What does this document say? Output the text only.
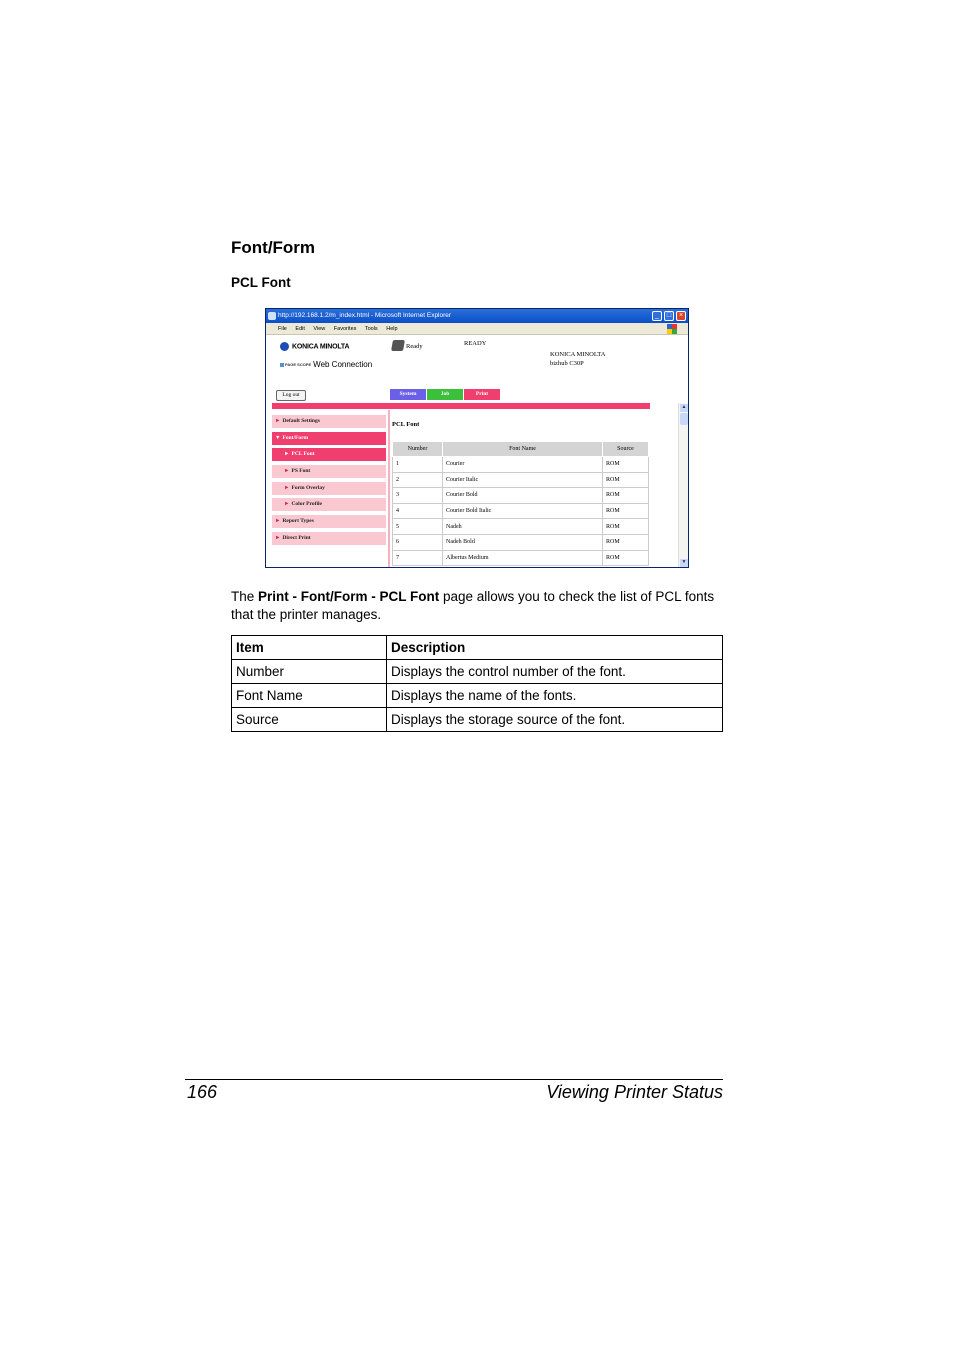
Font/Form
PCL Font
http://192.168.1.2/m_index.html - Microsoft Internet Explorer	_	□	×
File Edit View Favorites Tools Help
KONICA MINOLTA
PAGE SCOPE Web Connection
Ready	READY
KONICA MINOLTA
bizhub C30P
Log out	System	Job	Print
► Default Settings
▼ Font/Form
► PCL Font
► PS Font
► Form Overlay
► Color Profile
► Report Types
► Direct Print
PCL Font
Number	Font Name	Source
1	Courier	ROM
2	Courier Italic	ROM
3	Courier Bold	ROM
4	Courier Bold Italic	ROM
5	Nadeh	ROM
6	Nadeh Bold	ROM
7	Albertus Medium	ROM
▲
▼
The Print - Font/Form - PCL Font page allows you to check the list of PCL fonts that the printer manages.
Item	Description
Number	Displays the control number of the font.
Font Name	Displays the name of the fonts.
Source	Displays the storage source of the font.
166	Viewing Printer Status
